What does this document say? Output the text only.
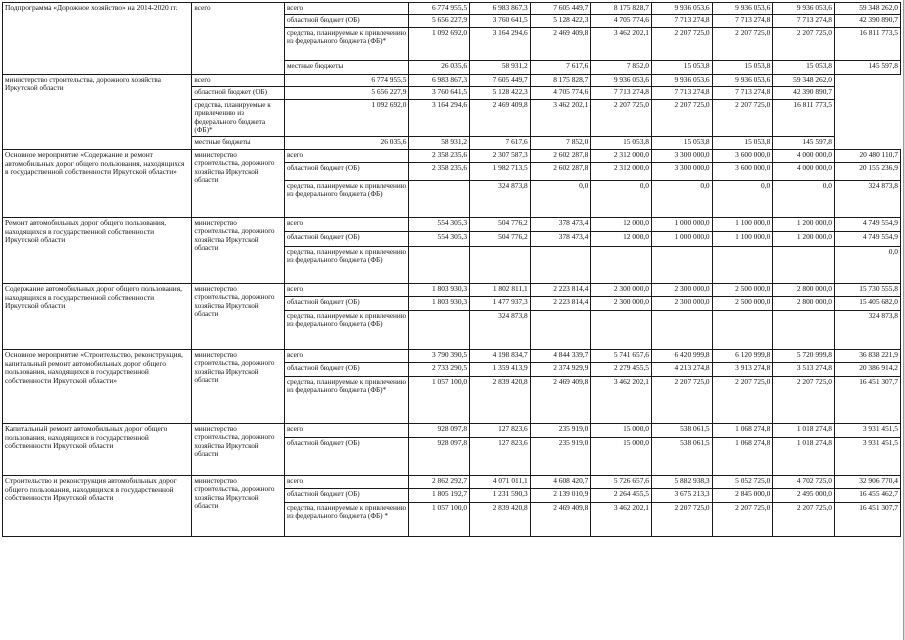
Подпрограмма «Дорожное хозяйство» на 2014-2020 гг.	всего	всего	6 774 955,5	6 983 867,3	7 605 449,7	8 175 828,7	9 936 053,6	9 936 053,6	9 936 053,6	59 348 262,0
		областной бюджет (ОБ)	5 656 227,9	3 760 641,5	5 128 422,3	4 705 774,6	7 713 274,8	7 713 274,8	7 713 274,8	42 390 890,7
		средства, планируемые к привлечению из федерального бюджета (ФБ)*	1 092 692,0	3 164 294,6	2 469 409,8	3 462 202,1	2 207 725,0	2 207 725,0	2 207 725,0	16 811 773,5
		местные бюджеты	26 035,6	58 931,2	7 617,6	7 852,0	15 053,8	15 053,8	15 053,8	145 597,8
министерство строительства, дорожного хозяйства Иркутской области	всего	6 774 955,5	6 983 867,3	7 605 449,7	8 175 828,7	9 936 053,6	9 936 053,6	9 936 053,6	59 348 262,0	
	областной бюджет (ОБ)	5 656 227,9	3 760 641,5	5 128 422,3	4 705 774,6	7 713 274,8	7 713 274,8	7 713 274,8	42 390 890,7	
	средства, планируемые к привлечению из федерального бюджета (ФБ)*	1 092 692,0	3 164 294,6	2 469 409,8	3 462 202,1	2 207 725,0	2 207 725,0	2 207 725,0	16 811 773,5	
	местные бюджеты	26 035,6	58 931,2	7 617,6	7 852,0	15 053,8	15 053,8	15 053,8	145 597,8	
Основное мероприятие «Содержание и ремонт автомобильных дорог общего пользования, находящихся в государственной собственности Иркутской области»	министерство строительства, дорожного хозяйства Иркутской области	всего	2 358 235,6	2 307 587,3	2 602 287,8	2 312 000,0	3 300 000,0	3 600 000,0	4 000 000,0	20 480 110,7
		областной бюджет (ОБ)	2 358 235,6	1 982 713,5	2 602 287,8	2 312 000,0	3 300 000,0	3 600 000,0	4 000 000,0	20 155 236,9
		средства, планируемые к привлечению из федерального бюджета (ФБ)		324 873,8	0,0	0,0	0,0	0,0	0,0	324 873,8
Ремонт автомобильных дорог общего пользования, находящихся в государственной собственности Иркутской области	министерство строительства, дорожного хозяйства Иркутской области	всего	554 305,3	504 776,2	378 473,4	12 000,0	1 000 000,0	1 100 000,0	1 200 000,0	4 749 554,9
		областной бюджет (ОБ)	554 305,3	504 776,2	378 473,4	12 000,0	1 000 000,0	1 100 000,0	1 200 000,0	4 749 554,9
		средства, планируемые к привлечению из федерального бюджета (ФБ)								0,0
Содержание автомобильных дорог общего пользования, находящихся в государственной собственности Иркутской области	министерство строительства, дорожного хозяйства Иркутской области	всего	1 803 930,3	1 802 811,1	2 223 814,4	2 300 000,0	2 300 000,0	2 500 000,0	2 800 000,0	15 730 555,8
		областной бюджет (ОБ)	1 803 930,3	1 477 937,3	2 223 814,4	2 300 000,0	2 300 000,0	2 500 000,0	2 800 000,0	15 405 682,0
		средства, планируемые к привлечению из федерального бюджета (ФБ)		324 873,8						324 873,8
Основное мероприятие «Строительство, реконструкция, капитальный ремонт автомобильных дорог общего пользования, находящихся в государственной собственности Иркутской области»	министерство строительства, дорожного хозяйства Иркутской области	всего	3 790 390,5	4 198 834,7	4 844 339,7	5 741 657,6	6 420 999,8	6 120 999,8	5 720 999,8	36 838 221,9
		областной бюджет (ОБ)	2 733 290,5	1 359 413,9	2 374 929,9	2 279 455,5	4 213 274,8	3 913 274,8	3 513 274,8	20 386 914,2
		средства, планируемые к привлечению из федерального бюджета (ФБ)*	1 057 100,0	2 839 420,8	2 469 409,8	3 462 202,1	2 207 725,0	2 207 725,0	2 207 725,0	16 451 307,7
Капитальный ремонт автомобильных дорог общего пользования, находящихся в государственной собственности Иркутской области	министерство строительства, дорожного хозяйства Иркутской области	всего	928 097,8	127 823,6	235 919,0	15 000,0	538 061,5	1 068 274,8	1 018 274,8	3 931 451,5
		областной бюджет (ОБ)	928 097,8	127 823,6	235 919,0	15 000,0	538 061,5	1 068 274,8	1 018 274,8	3 931 451,5
Строительство и реконструкция автомобильных дорог общего пользования, находящихся в государственной собственности Иркутской области	министерство строительства, дорожного хозяйства Иркутской области	всего	2 862 292,7	4 071 011,1	4 608 420,7	5 726 657,6	5 882 938,3	5 052 725,0	4 702 725,0	32 906 770,4
		областной бюджет (ОБ)	1 805 192,7	1 231 590,3	2 139 010,9	2 264 455,5	3 675 213,3	2 845 000,0	2 495 000,0	16 455 462,7
		средства, планируемые к привлечению из федерального бюджета (ФБ) *	1 057 100,0	2 839 420,8	2 469 409,8	3 462 202,1	2 207 725,0	2 207 725,0	2 207 725,0	16 451 307,7
